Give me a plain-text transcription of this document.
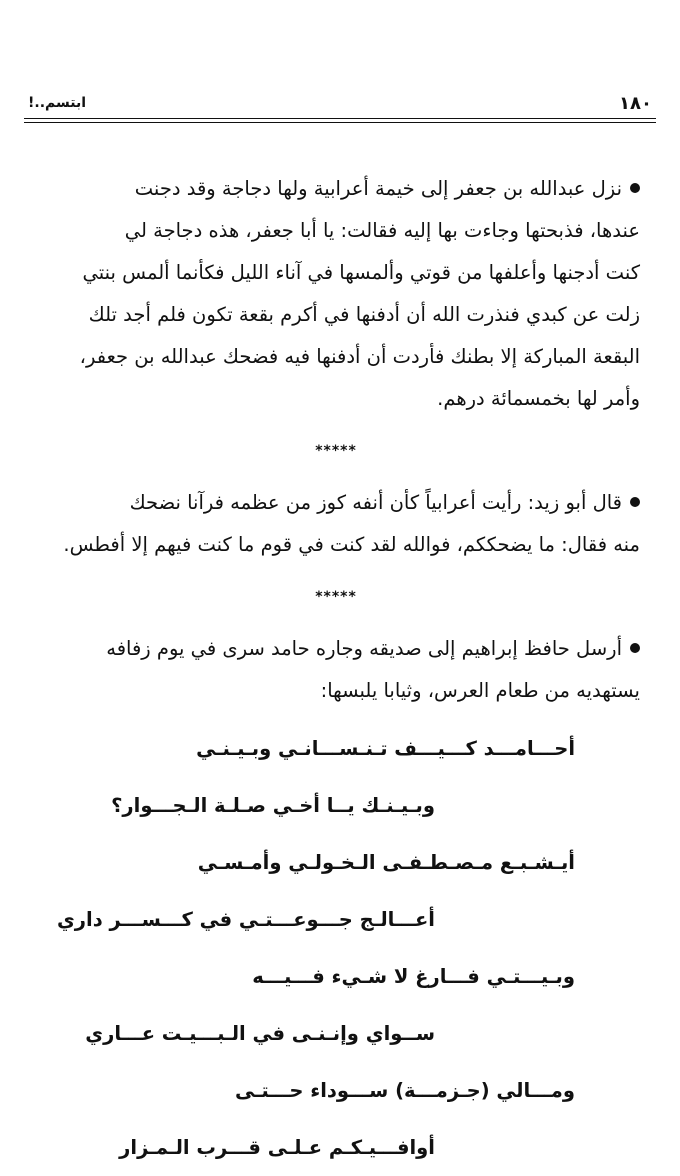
١٨٠
ابتسم..!
نزل عبدالله بن جعفر إلى خيمة أعرابية ولها دجاجة وقد دجنت
عندها، فذبحتها وجاءت بها إليه فقالت: يا أبا جعفر، هذه دجاجة لي
كنت أدجنها وأعلفها من قوتي وألمسها في آناء الليل فكأنما ألمس بنتي
زلت عن كبدي فنذرت الله أن أدفنها في أكرم بقعة تكون فلم أجد تلك
البقعة المباركة إلا بطنك فأردت أن أدفنها فيه فضحك عبدالله بن جعفر،
وأمر لها بخمسمائة درهم.
*****
قال أبو زيد: رأيت أعرابياً كأن أنفه كوز من عظمه فرآنا نضحك
منه فقال: ما يضحككم، فوالله لقد كنت في قوم ما كنت فيهم إلا أفطس.
*****
أرسل حافظ إبراهيم إلى صديقه وجاره حامد سرى في يوم زفافه
يستهديه من طعام العرس، وثيابا يلبسها:
أحـــامـــد كـــيـــف تـنـســـانـي وبـيـنـي
وبـيـنـك يــا أخـي صـلـة الـجـــوار؟
أيـشـبـع مـصـطـفـى الـخـولـي وأمـسـي
أعـــالـج جـــوعـــتـي في كـــســـر داري
وبـيـــتـي فـــارغ لا شـيء فـــيـــه
ســواي وإنـنـى في الـبـــيـت عـــاري
ومـــالي (جـزمـــة) ســـوداء حـــتـى
أوافـــيـكـم عـلـى قـــرب الـمـزار
